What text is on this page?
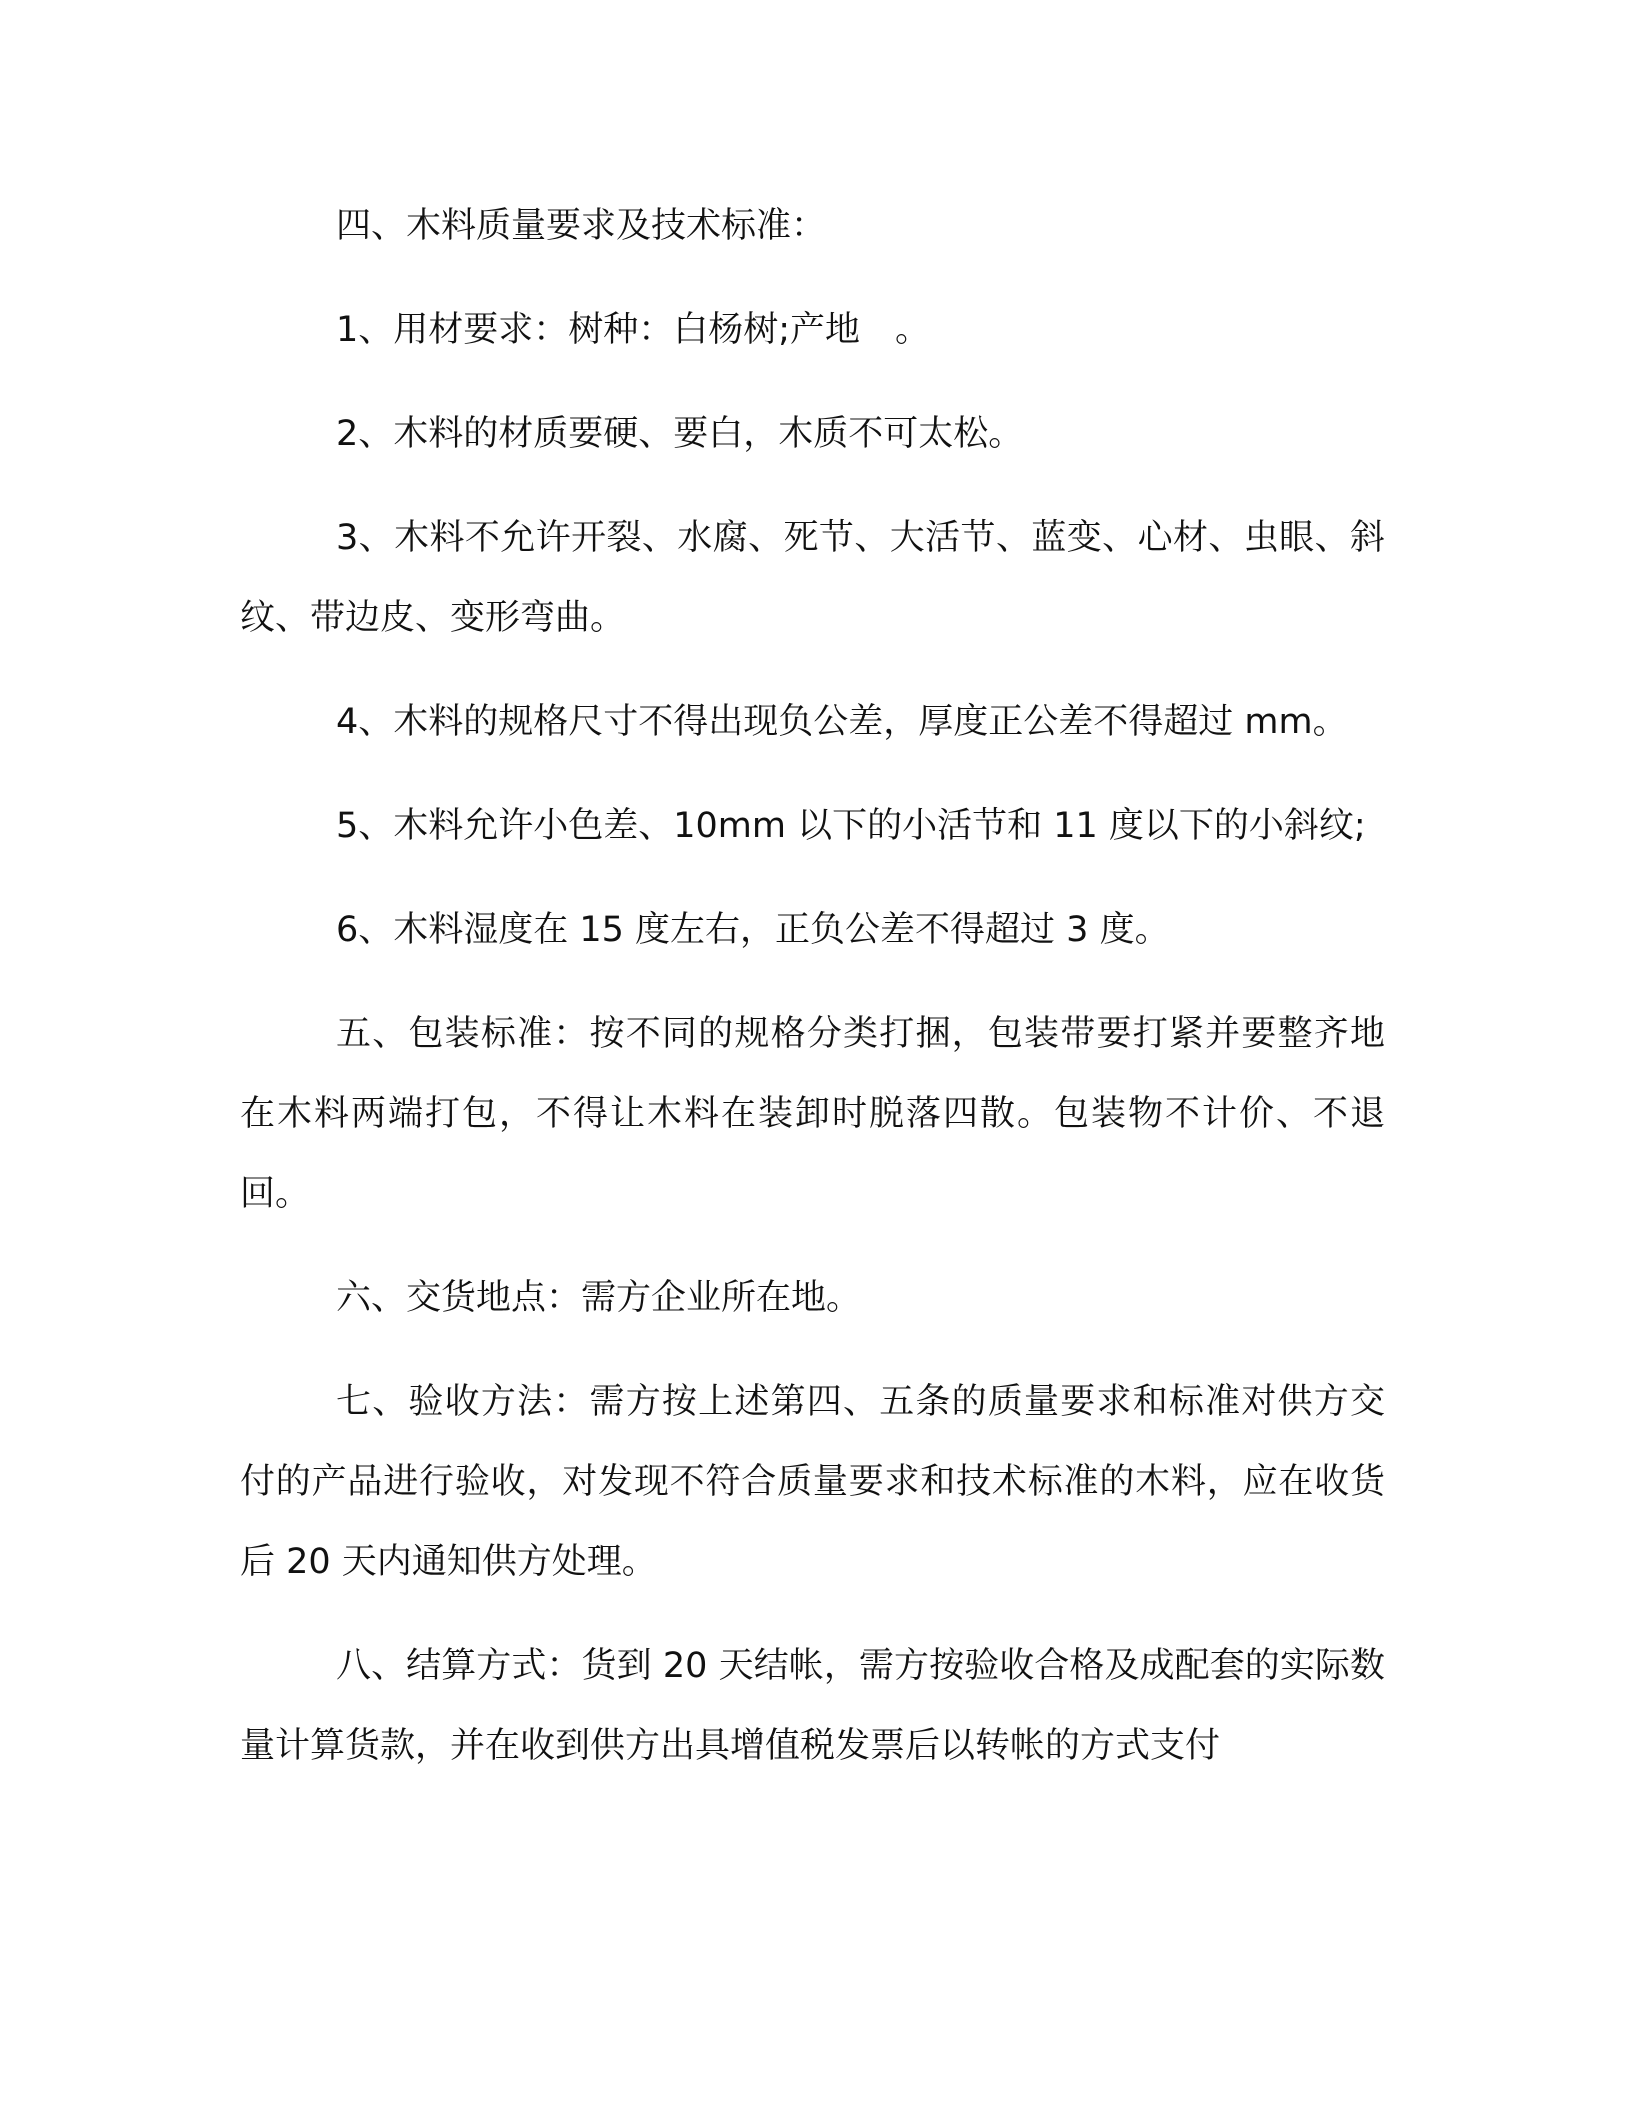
四、木料质量要求及技术标准：

1、用材要求：树种：白杨树;产地　。

2、木料的材质要硬、要白，木质不可太松。

3、木料不允许开裂、水腐、死节、大活节、蓝变、心材、虫眼、斜纹、带边皮、变形弯曲。

4、木料的规格尺寸不得出现负公差，厚度正公差不得超过 mm。

5、木料允许小色差、10mm 以下的小活节和 11 度以下的小斜纹;

6、木料湿度在 15 度左右，正负公差不得超过 3 度。

五、包装标准：按不同的规格分类打捆，包装带要打紧并要整齐地在木料两端打包，不得让木料在装卸时脱落四散。包装物不计价、不退回。

六、交货地点：需方企业所在地。

七、验收方法：需方按上述第四、五条的质量要求和标准对供方交付的产品进行验收，对发现不符合质量要求和技术标准的木料，应在收货后 20 天内通知供方处理。

八、结算方式：货到 20 天结帐，需方按验收合格及成配套的实际数量计算货款，并在收到供方出具增值税发票后以转帐的方式支付
